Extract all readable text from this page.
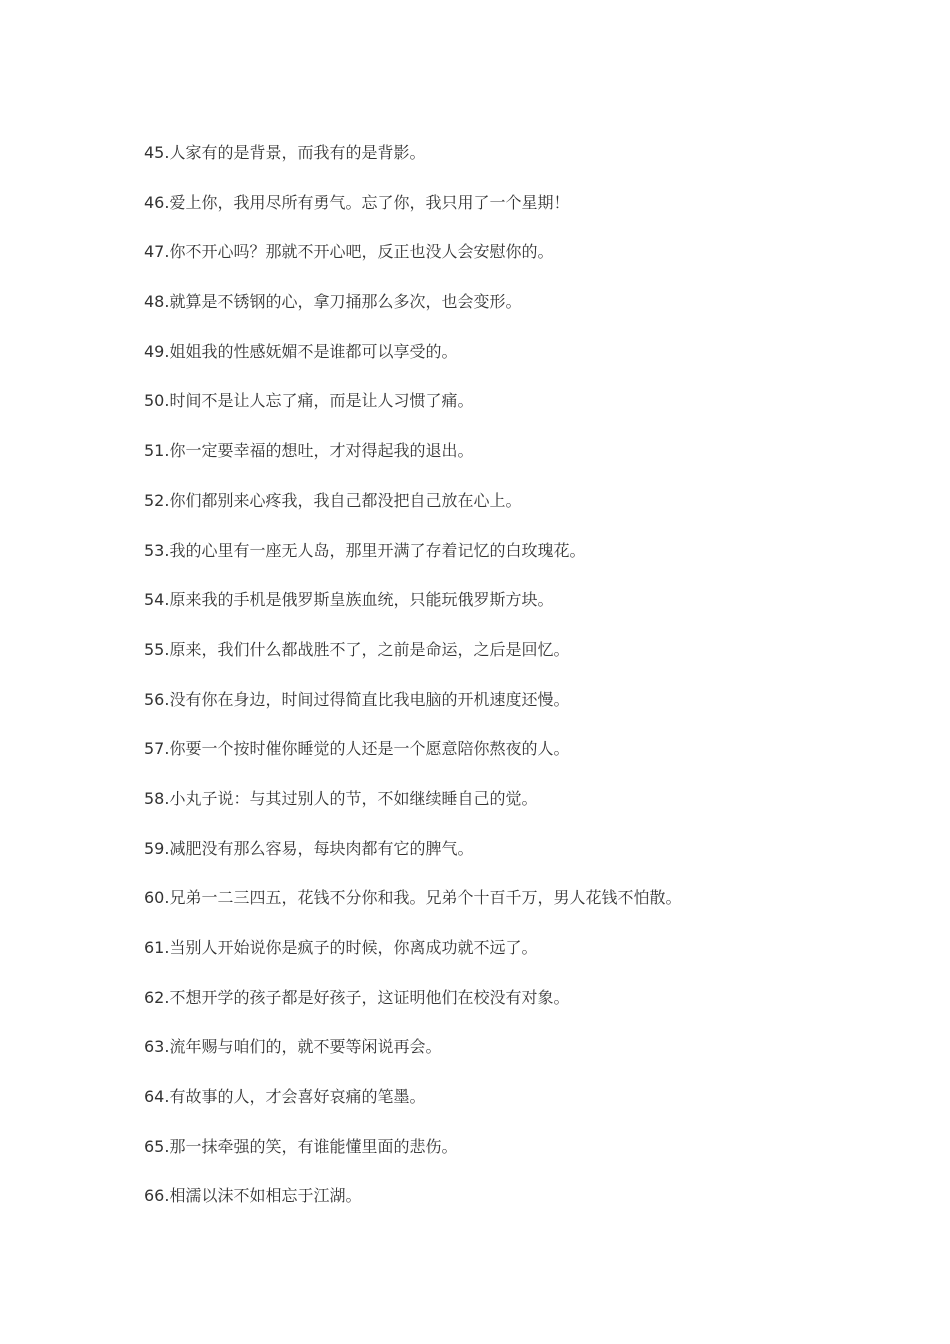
45.人家有的是背景，而我有的是背影。
46.爱上你，我用尽所有勇气。忘了你，我只用了一个星期！
47.你不开心吗？那就不开心吧，反正也没人会安慰你的。
48.就算是不锈钢的心，拿刀捅那么多次，也会变形。
49.姐姐我的性感妩媚不是谁都可以享受的。
50.时间不是让人忘了痛，而是让人习惯了痛。
51.你一定要幸福的想吐，才对得起我的退出。
52.你们都别来心疼我，我自己都没把自己放在心上。
53.我的心里有一座无人岛，那里开满了存着记忆的白玫瑰花。
54.原来我的手机是俄罗斯皇族血统，只能玩俄罗斯方块。
55.原来，我们什么都战胜不了，之前是命运，之后是回忆。
56.没有你在身边，时间过得简直比我电脑的开机速度还慢。
57.你要一个按时催你睡觉的人还是一个愿意陪你熬夜的人。
58.小丸子说：与其过别人的节，不如继续睡自己的觉。
59.减肥没有那么容易，每块肉都有它的脾气。
60.兄弟一二三四五，花钱不分你和我。兄弟个十百千万，男人花钱不怕散。
61.当别人开始说你是疯子的时候，你离成功就不远了。
62.不想开学的孩子都是好孩子，这证明他们在校没有对象。
63.流年赐与咱们的，就不要等闲说再会。
64.有故事的人，才会喜好哀痛的笔墨。
65.那一抹牵强的笑，有谁能懂里面的悲伤。
66.相濡以沫不如相忘于江湖。
